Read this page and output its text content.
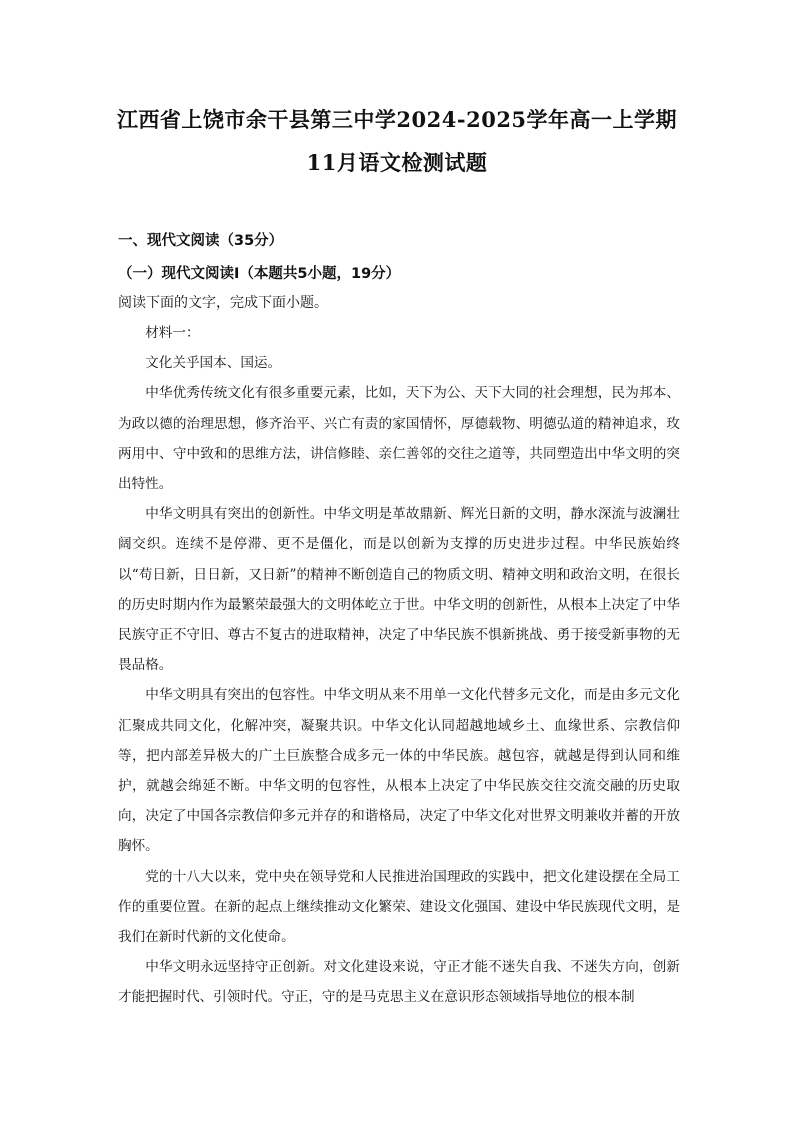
江西省上饶市余干县第三中学2024-2025学年高一上学期
11月语文检测试题
一、现代文阅读（35分）
（一）现代文阅读Ⅰ（本题共5小题，19分）
阅读下面的文字，完成下面小题。

材料一：

文化关乎国本、国运。

中华优秀传统文化有很多重要元素，比如，天下为公、天下大同的社会理想，民为邦本、为政以德的治理思想，修齐治平、兴亡有责的家国情怀，厚德载物、明德弘道的精神追求，玫两用中、守中致和的思维方法，讲信修睦、亲仁善邻的交往之道等，共同塑造出中华文明的突出特性。

中华文明具有突出的创新性。中华文明是革故鼎新、辉光日新的文明，静水深流与波澜壮阔交织。连续不是停滞、更不是僵化，而是以创新为支撑的历史进步过程。中华民族始终以“苟日新，日日新，又日新”的精神不断创造自己的物质文明、精神文明和政治文明，在很长的历史时期内作为最繁荣最强大的文明体屹立于世。中华文明的创新性，从根本上决定了中华民族守正不守旧、尊古不复古的进取精神，决定了中华民族不惧新挑战、勇于接受新事物的无畏品格。

中华文明具有突出的包容性。中华文明从来不用单一文化代替多元文化，而是由多元文化汇聚成共同文化，化解冲突，凝聚共识。中华文化认同超越地域乡土、血缘世系、宗教信仰等，把内部差异极大的广土巨族整合成多元一体的中华民族。越包容，就越是得到认同和维护，就越会绵延不断。中华文明的包容性，从根本上决定了中华民族交往交流交融的历史取向，决定了中国各宗教信仰多元并存的和谐格局，决定了中华文化对世界文明兼收并蓄的开放胸怀。

党的十八大以来，党中央在领导党和人民推进治国理政的实践中，把文化建设摆在全局工作的重要位置。在新的起点上继续推动文化繁荣、建设文化强国、建设中华民族现代文明，是我们在新时代新的文化使命。

中华文明永远坚持守正创新。对文化建设来说，守正才能不迷失自我、不迷失方向，创新才能把握时代、引领时代。守正，守的是马克思主义在意识形态领域指导地位的根本制
